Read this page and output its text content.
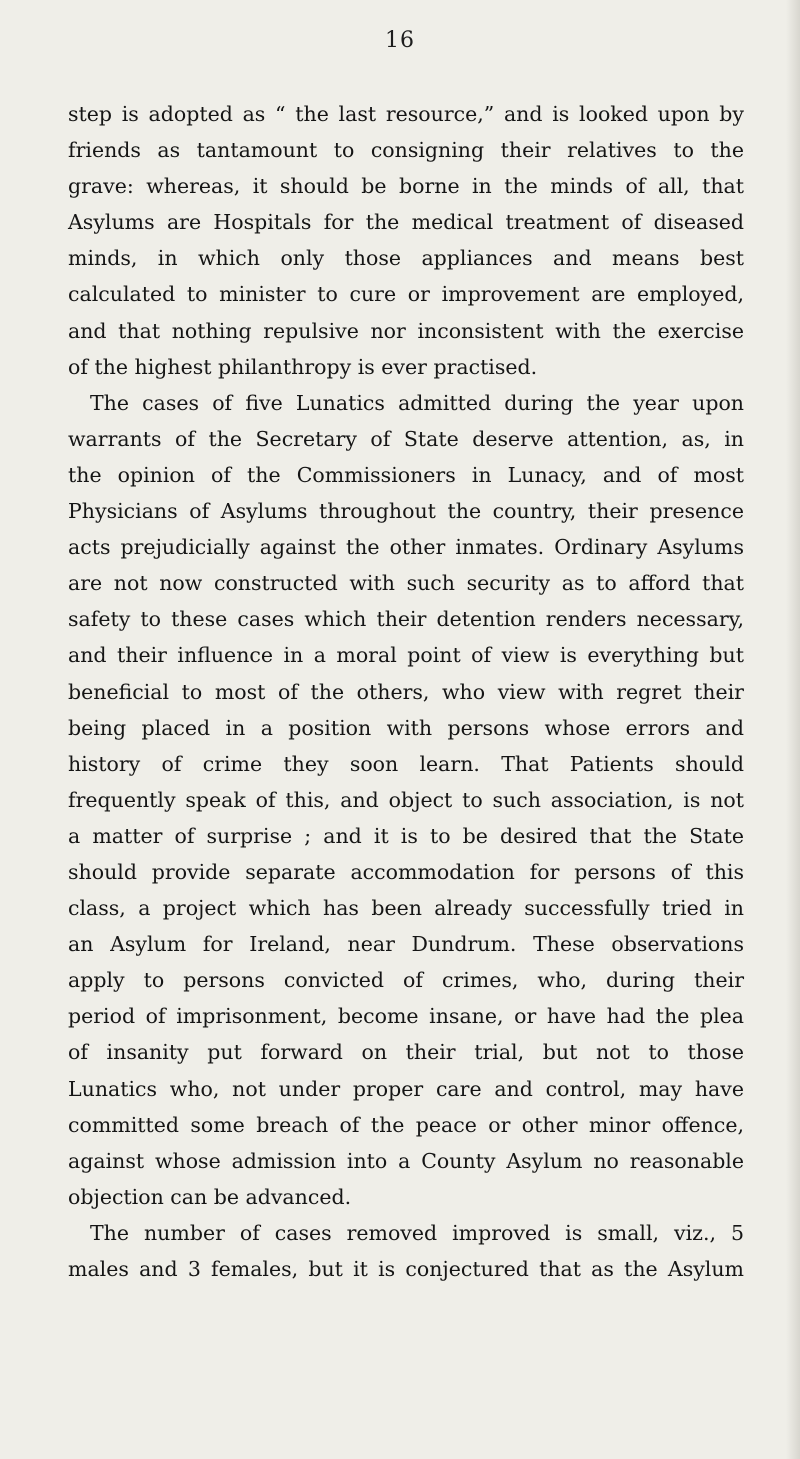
16
step is adopted as “ the last resource,” and is looked upon by
friends as tantamount to consigning their relatives to the
grave: whereas, it should be borne in the minds of all, that
Asylums are Hospitals for the medical treatment of diseased
minds, in which only those appliances and means best
calculated to minister to cure or improvement are employed,
and that nothing repulsive nor inconsistent with the exercise
of the highest philanthropy is ever practised.
The cases of five Lunatics admitted during the year upon
warrants of the Secretary of State deserve attention, as, in
the opinion of the Commissioners in Lunacy, and of most
Physicians of Asylums throughout the country, their presence
acts prejudicially against the other inmates. Ordinary Asylums
are not now constructed with such security as to afford that
safety to these cases which their detention renders necessary,
and their influence in a moral point of view is everything but
beneficial to most of the others, who view with regret their
being placed in a position with persons whose errors and
history of crime they soon learn. That Patients should
frequently speak of this, and object to such association, is not
a matter of surprise ; and it is to be desired that the State
should provide separate accommodation for persons of this
class, a project which has been already successfully tried in
an Asylum for Ireland, near Dundrum. These observations
apply to persons convicted of crimes, who, during their
period of imprisonment, become insane, or have had the plea
of insanity put forward on their trial, but not to those
Lunatics who, not under proper care and control, may have
committed some breach of the peace or other minor offence,
against whose admission into a County Asylum no reasonable
objection can be advanced.
The number of cases removed improved is small, viz., 5
males and 3 females, but it is conjectured that as the Asylum
